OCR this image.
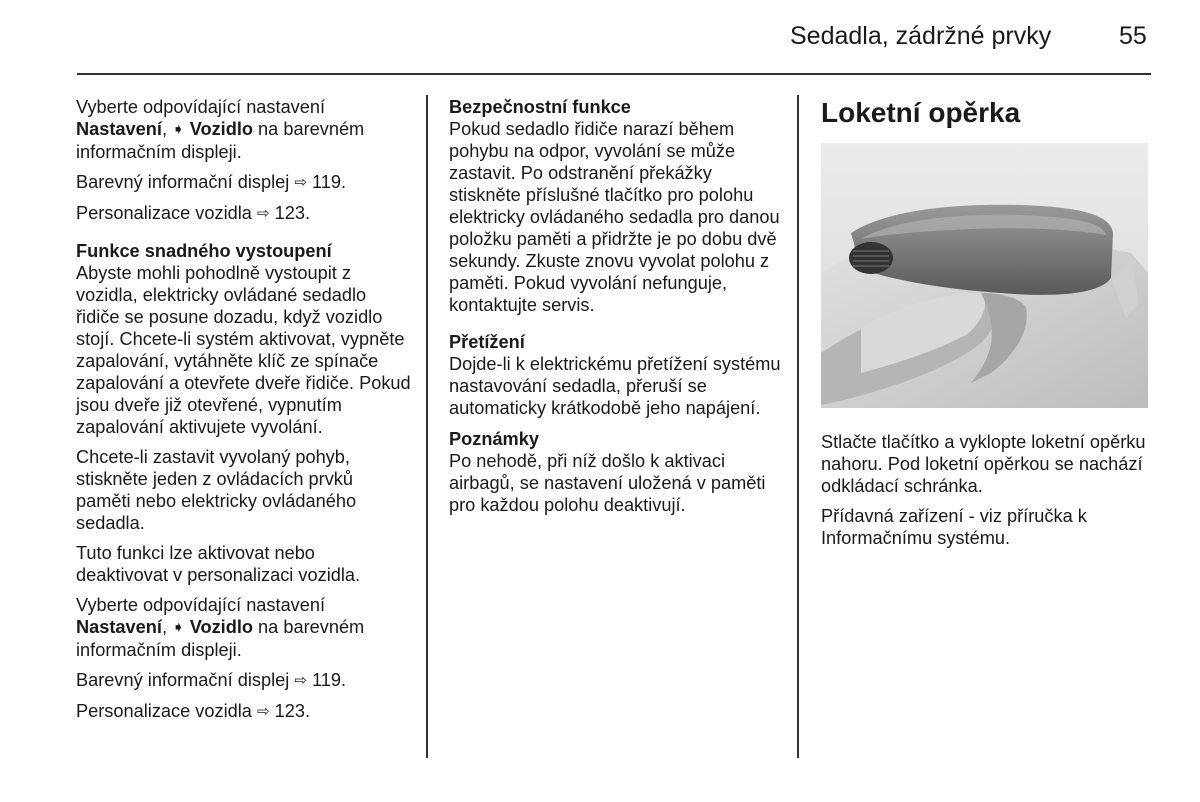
Sedadla, zádržné prvky	55

Vyberte odpovídající nastavení
Nastavení, ➧ Vozidlo na barevném informačním displeji.

Barevný informační displej ⇨ 119.

Personalizace vozidla ⇨ 123.

Funkce snadného vystoupení

Abyste mohli pohodlně vystoupit z vozidla, elektricky ovládané sedadlo řidiče se posune dozadu, když vozidlo stojí. Chcete-li systém aktivovat, vypněte zapalování, vytáhněte klíč ze spínače zapalování a otevřete dveře řidiče. Pokud jsou dveře již otevřené, vypnutím zapalování aktivujete vyvolání.

Chcete-li zastavit vyvolaný pohyb, stiskněte jeden z ovládacích prvků paměti nebo elektricky ovládaného sedadla.

Tuto funkci lze aktivovat nebo deaktivovat v personalizaci vozidla.

Vyberte odpovídající nastavení
Nastavení, ➧ Vozidlo na barevném informačním displeji.

Barevný informační displej ⇨ 119.

Personalizace vozidla ⇨ 123.

Bezpečnostní funkce

Pokud sedadlo řidiče narazí během pohybu na odpor, vyvolání se může zastavit. Po odstranění překážky stiskněte příslušné tlačítko pro polohu elektricky ovládaného sedadla pro danou položku paměti a přidržte je po dobu dvě sekundy. Zkuste znovu vyvolat polohu z paměti. Pokud vyvolání nefunguje, kontaktujte servis.

Přetížení

Dojde-li k elektrickému přetížení systému nastavování sedadla, přeruší se automaticky krátkodobě jeho napájení.

Poznámky

Po nehodě, při níž došlo k aktivaci airbagů, se nastavení uložená v paměti pro každou polohu deaktivují.

Loketní opěrka

Stlačte tlačítko a vyklopte loketní opěrku nahoru. Pod loketní opěrkou se nachází odkládací schránka.

Přídavná zařízení - viz příručka k Informačnímu systému.
